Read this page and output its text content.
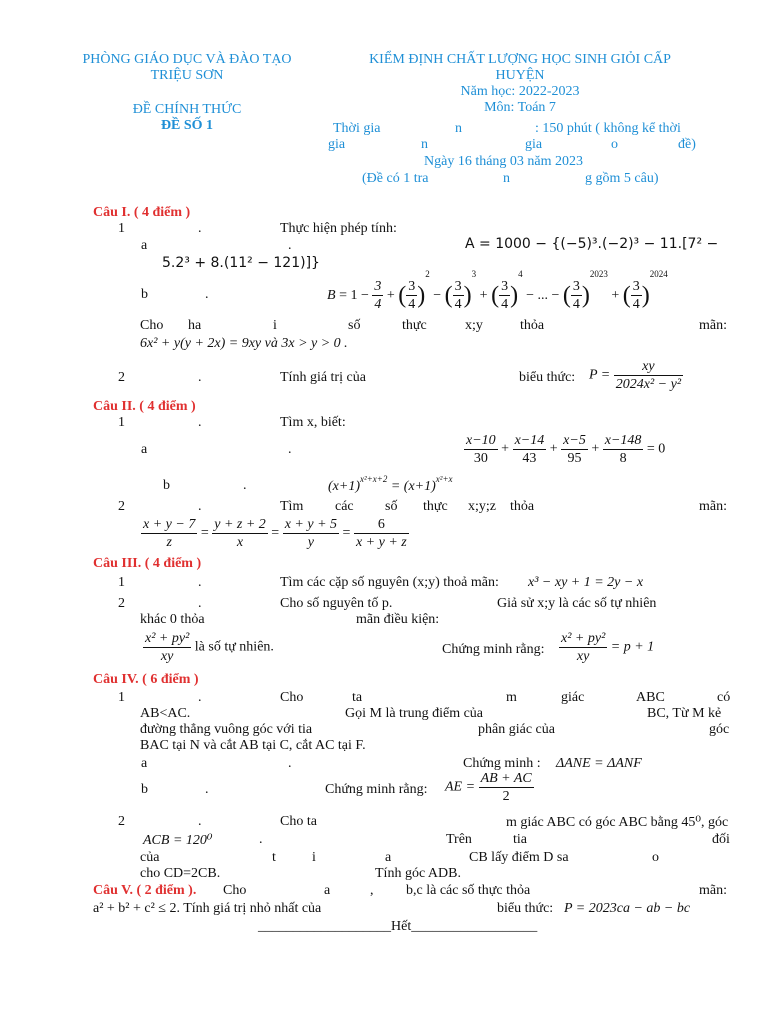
PHÒNG GIÁO DỤC VÀ ĐÀO TẠO
TRIỆU SƠN
ĐỀ CHÍNH THỨC
ĐỀ SỐ 1
KIỂM ĐỊNH CHẤT LƯỢNG HỌC SINH GIỎI CẤP
HUYỆN
Năm học: 2022-2023
Môn: Toán 7
Thời gia	n	: 150 phút ( không kể thời
gia	n	gia	o	đề)
Ngày 16 tháng 03 năm 2023
(Đề có 1 tra	n	g gồm 5 câu)
Câu I. ( 4 điểm )
1	.	Thực hiện phép tính:
a	.	A = 1000 − {(−5)³.(−2)³ − 11.[7² −
5.2³ + 8.(11² − 121)]}
b	.	$B = 1 - \frac{3}{4}$ + ( $\frac{3}{4} )^2$ − ( $\frac{3}{4} )^3$ + ( $\frac{3}{4} )^4$ − ... − ( $\frac{3}{4} )^{2023}$ + ( $\frac{3}{4} )^{2024}$
Cho ha	i	số	thực	x;y	thỏa	mãn:
6x² + y(y + 2x) = 9xy và 3x > y > 0 .
2	.	Tính giá trị của	biểu thức: $P = \frac{xy}{\text{2024x² − y²}}$
Câu II. ( 4 điểm )
1	.	Tìm x, biết:
a	.	$\frac{x-10}{30} + \frac{x-14}{43} + \frac{x-5}{95} + \frac{x-148}{8} = 0$
b	.	$(x+1)^{x^2+x+2} = (x+1)^{x^2+x}$
2	.	Tìm các số thực x;y;z thỏa	mãn:
$\frac{x + y - 7}{z} = \frac{y + z + 2}{x} = \frac{x + y + 5}{y} = \frac{6}{x + y + z}$
Câu III. ( 4 điểm )
1	.	Tìm các cặp số nguyên (x;y) thoả mãn: x³ − xy + 1 = 2y − x
2	.	Cho số nguyên tố p.	Giả sử x;y là các số tự nhiên
khác 0 thỏa	mãn điều kiện:
$\frac{\text{x² + py²}}{xy}$ là số tự nhiên.	Chứng minh rằng: $\frac{\text{x² + py²}}{xy} = p + 1$
Câu IV. ( 6 điểm )
1	.	Cho	ta	m	giác	ABC	có
AB<AC.	Gọi M là trung điểm của	BC, Từ M kẻ
đường thẳng vuông góc với tia	phân giác của	góc
BAC tại N và cắt AB tại C, cắt AC tại F.
a	.	Chứng minh : ΔANE = ΔANF
b	.	Chứng minh rằng: AE = $\frac{AB + AC}{2}$
2	.	Cho ta	m giác ABC có góc ABC bằng 45⁰, góc
ACB = 120⁰	.	Trên	tia	đối
của	t	i	a	CB lấy điểm D sa	o
cho CD=2CB.	Tính góc ADB.
Câu V. ( 2 điểm ). Cho	a	, b,c là các số thực thỏa	mãn:
a² + b² + c² ≤ 2. Tính giá trị nhỏ nhất của	biểu thức: P = 2023ca − ab − bc
___________________Hết__________________
